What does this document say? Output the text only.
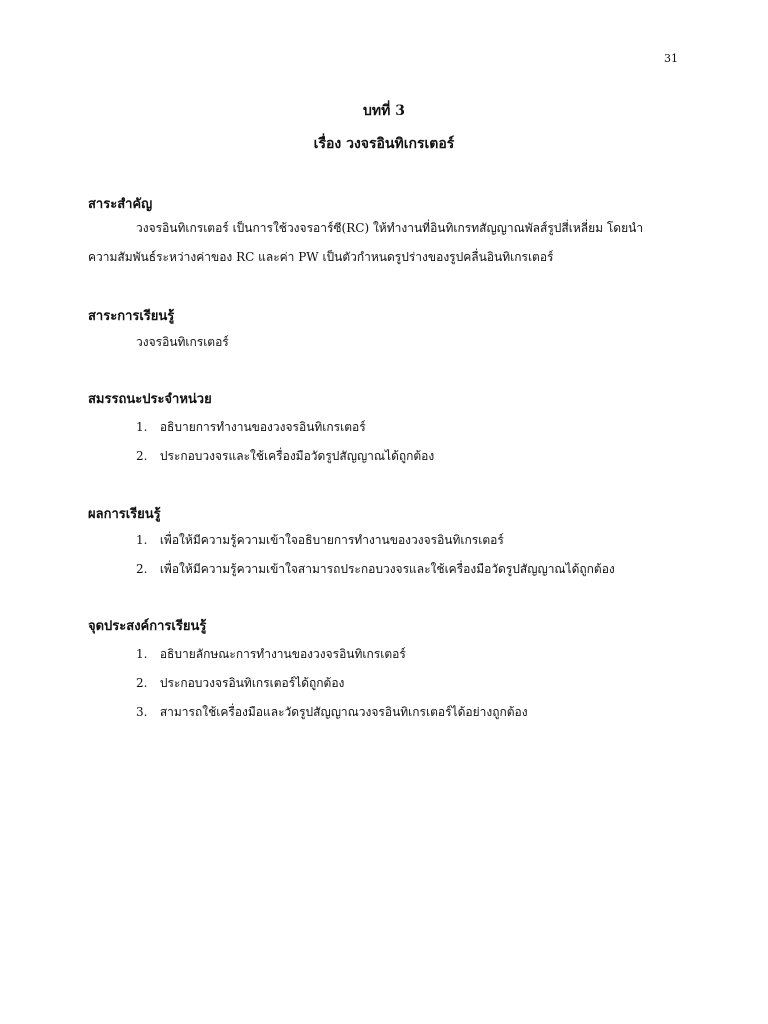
31
บทที่ 3
เรื่อง วงจรอินทิเกรเตอร์
สาระสำคัญ
วงจรอินทิเกรเตอร์ เป็นการใช้วงจรอาร์ซี(RC) ให้ทำงานที่อินทิเกรทสัญญาณพัลส์รูปสี่เหลี่ยม โดยนำ
ความสัมพันธ์ระหว่างค่าของ RC และค่า PW เป็นตัวกำหนดรูปร่างของรูปคลื่นอินทิเกรเตอร์
สาระการเรียนรู้
วงจรอินทิเกรเตอร์
สมรรถนะประจำหน่วย
1. อธิบายการทำงานของวงจรอินทิเกรเตอร์
2. ประกอบวงจรและใช้เครื่องมือวัดรูปสัญญาณได้ถูกต้อง
ผลการเรียนรู้
1. เพื่อให้มีความรู้ความเข้าใจอธิบายการทำงานของวงจรอินทิเกรเตอร์
2. เพื่อให้มีความรู้ความเข้าใจสามารถประกอบวงจรและใช้เครื่องมือวัดรูปสัญญาณได้ถูกต้อง
จุดประสงค์การเรียนรู้
1. อธิบายลักษณะการทำงานของวงจรอินทิเกรเตอร์
2. ประกอบวงจรอินทิเกรเตอร์ได้ถูกต้อง
3. สามารถใช้เครื่องมือและวัดรูปสัญญาณวงจรอินทิเกรเตอร์ได้อย่างถูกต้อง
